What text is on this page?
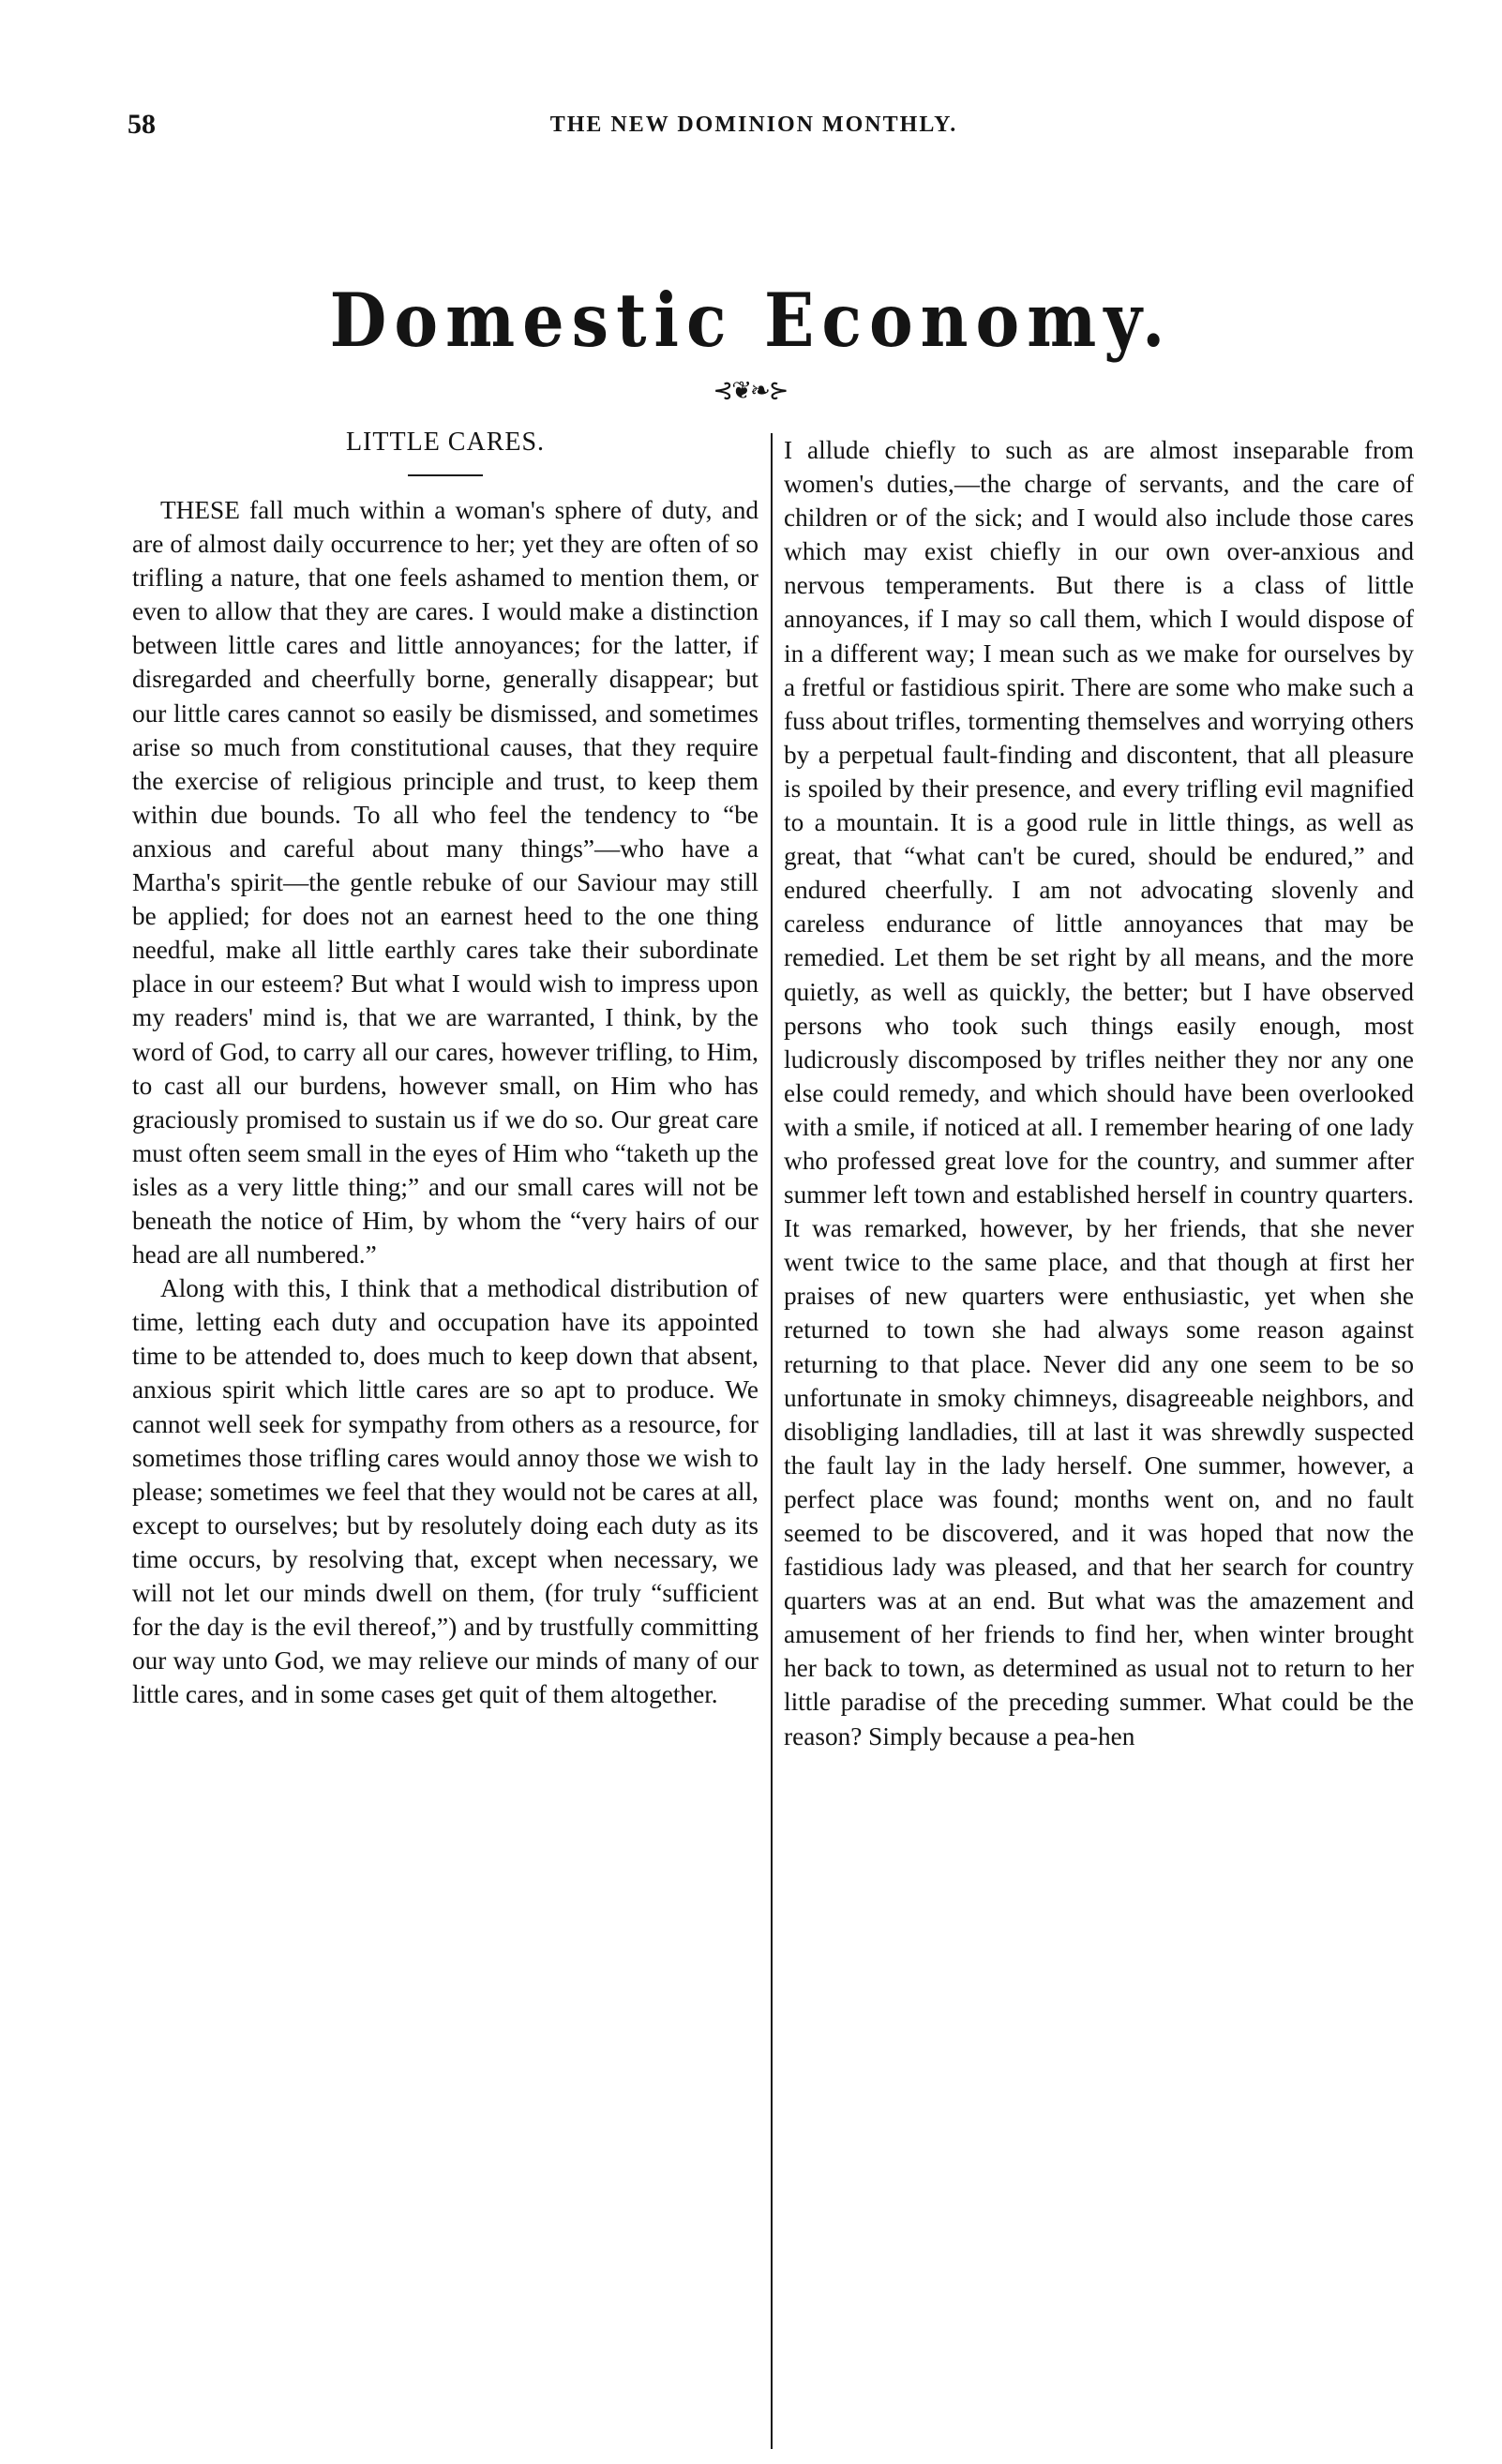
58	THE NEW DOMINION MONTHLY.
Domestic Economy.
⊰❦❧⊱
LITTLE CARES.

THESE fall much within a woman's sphere of duty, and are of almost daily occurrence to her; yet they are often of so trifling a nature, that one feels ashamed to mention them, or even to allow that they are cares. I would make a distinction between little cares and little annoyances; for the latter, if disregarded and cheerfully borne, generally disappear; but our little cares cannot so easily be dismissed, and sometimes arise so much from constitutional causes, that they require the exercise of religious principle and trust, to keep them within due bounds. To all who feel the tendency to “be anxious and careful about many things”—who have a Martha's spirit—the gentle rebuke of our Saviour may still be applied; for does not an earnest heed to the one thing needful, make all little earthly cares take their subordinate place in our esteem? But what I would wish to impress upon my readers' mind is, that we are warranted, I think, by the word of God, to carry all our cares, however trifling, to Him, to cast all our burdens, however small, on Him who has graciously promised to sustain us if we do so. Our great care must often seem small in the eyes of Him who “taketh up the isles as a very little thing;” and our small cares will not be beneath the notice of Him, by whom the “very hairs of our head are all numbered.”

Along with this, I think that a methodical distribution of time, letting each duty and occupation have its appointed time to be attended to, does much to keep down that absent, anxious spirit which little cares are so apt to produce. We cannot well seek for sympathy from others as a resource, for sometimes those trifling cares would annoy those we wish to please; sometimes we feel that they would not be cares at all, except to ourselves; but by resolutely doing each duty as its time occurs, by resolving that, except when necessary, we will not let our minds dwell on them, (for truly “sufficient for the day is the evil thereof,”) and by trustfully committing our way unto God, we may relieve our minds of many of our little cares, and in some cases get quit of them altogether.

I allude chiefly to such as are almost inseparable from women's duties,—the charge of servants, and the care of children or of the sick; and I would also include those cares which may exist chiefly in our own over-anxious and nervous temperaments. But there is a class of little annoyances, if I may so call them, which I would dispose of in a different way; I mean such as we make for ourselves by a fretful or fastidious spirit. There are some who make such a fuss about trifles, tormenting themselves and worrying others by a perpetual fault-finding and discontent, that all pleasure is spoiled by their presence, and every trifling evil magnified to a mountain. It is a good rule in little things, as well as great, that “what can't be cured, should be endured,” and endured cheerfully. I am not advocating slovenly and careless endurance of little annoyances that may be remedied. Let them be set right by all means, and the more quietly, as well as quickly, the better; but I have observed persons who took such things easily enough, most ludicrously discomposed by trifles neither they nor any one else could remedy, and which should have been overlooked with a smile, if noticed at all. I remember hearing of one lady who professed great love for the country, and summer after summer left town and established herself in country quarters. It was remarked, however, by her friends, that she never went twice to the same place, and that though at first her praises of new quarters were enthusiastic, yet when she returned to town she had always some reason against returning to that place. Never did any one seem to be so unfortunate in smoky chimneys, disagreeable neighbors, and disobliging landladies, till at last it was shrewdly suspected the fault lay in the lady herself. One summer, however, a perfect place was found; months went on, and no fault seemed to be discovered, and it was hoped that now the fastidious lady was pleased, and that her search for country quarters was at an end. But what was the amazement and amusement of her friends to find her, when winter brought her back to town, as determined as usual not to return to her little paradise of the preceding summer. What could be the reason? Simply because a pea-hen
